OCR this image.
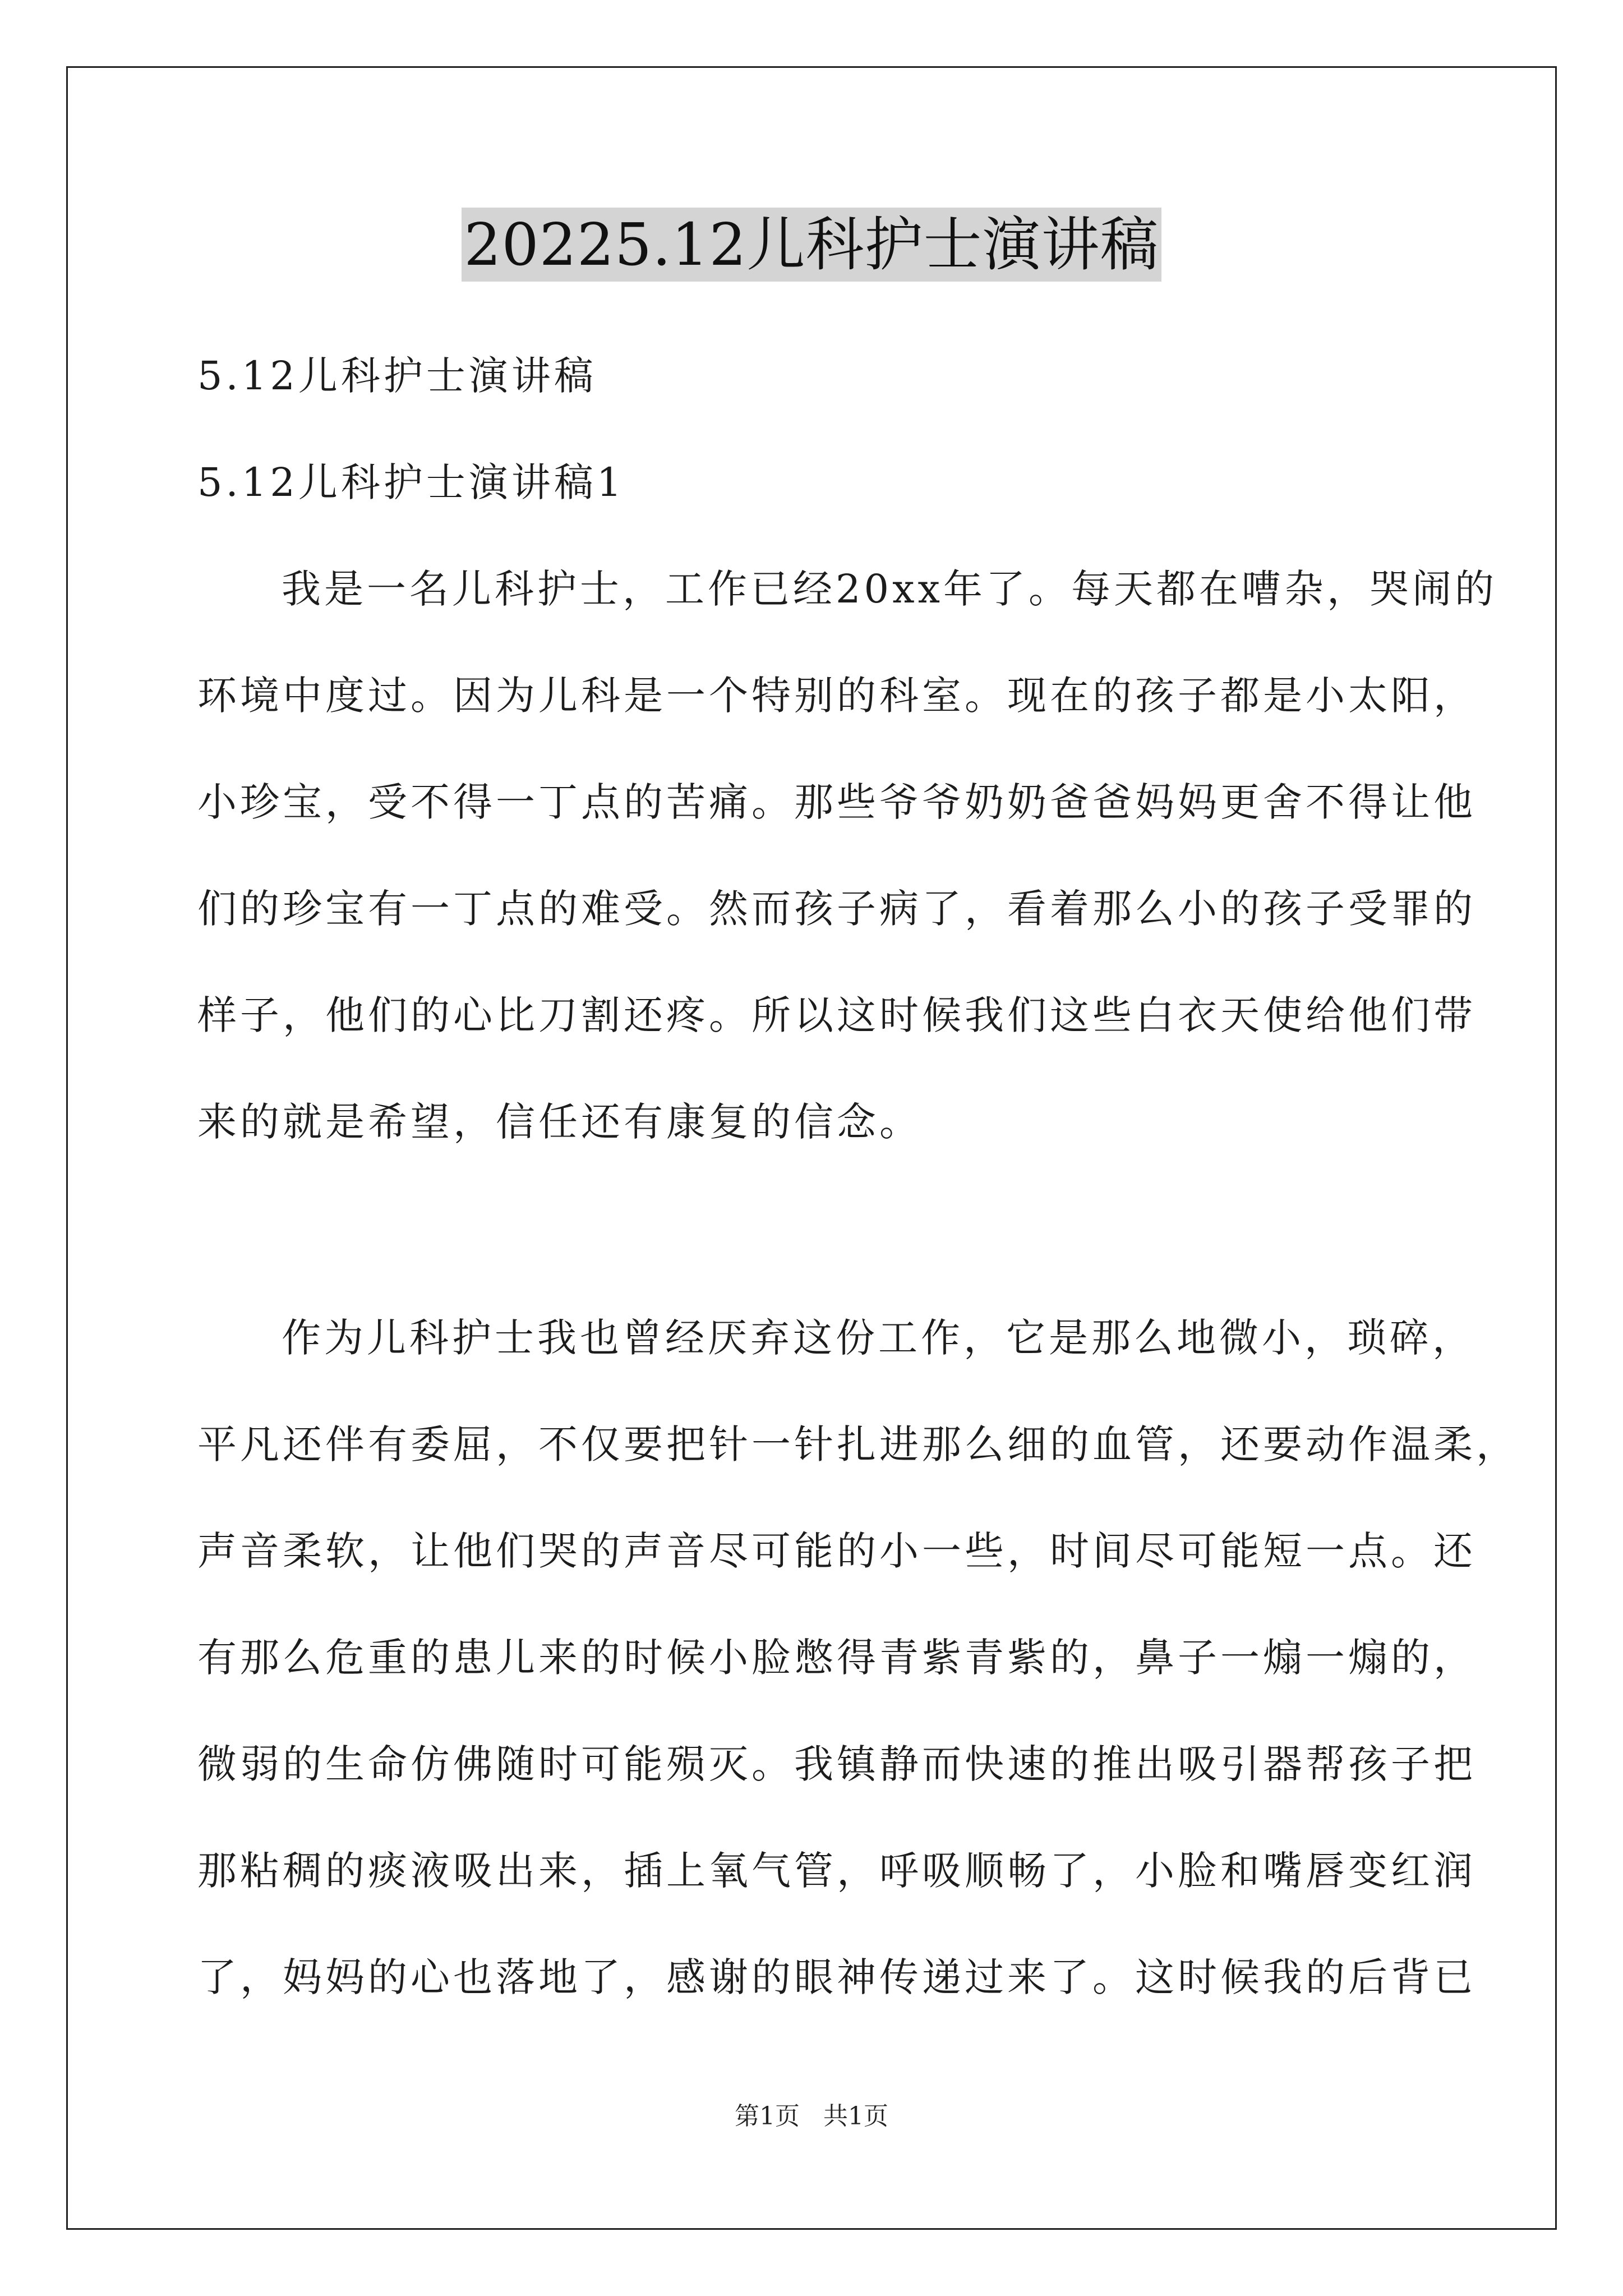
20225.12儿科护士演讲稿
5.12儿科护士演讲稿
5.12儿科护士演讲稿1
我是一名儿科护士，工作已经20xx年了。每天都在嘈杂，哭闹的
环境中度过。因为儿科是一个特别的科室。现在的孩子都是小太阳，
小珍宝，受不得一丁点的苦痛。那些爷爷奶奶爸爸妈妈更舍不得让他
们的珍宝有一丁点的难受。然而孩子病了，看着那么小的孩子受罪的
样子，他们的心比刀割还疼。所以这时候我们这些白衣天使给他们带
来的就是希望，信任还有康复的信念。
作为儿科护士我也曾经厌弃这份工作，它是那么地微小，琐碎，
平凡还伴有委屈，不仅要把针一针扎进那么细的血管，还要动作温柔，
声音柔软，让他们哭的声音尽可能的小一些，时间尽可能短一点。还
有那么危重的患儿来的时候小脸憋得青紫青紫的，鼻子一煽一煽的，
微弱的生命仿佛随时可能殒灭。我镇静而快速的推出吸引器帮孩子把
那粘稠的痰液吸出来，插上氧气管，呼吸顺畅了，小脸和嘴唇变红润
了，妈妈的心也落地了，感谢的眼神传递过来了。这时候我的后背已
第1页 共1页
